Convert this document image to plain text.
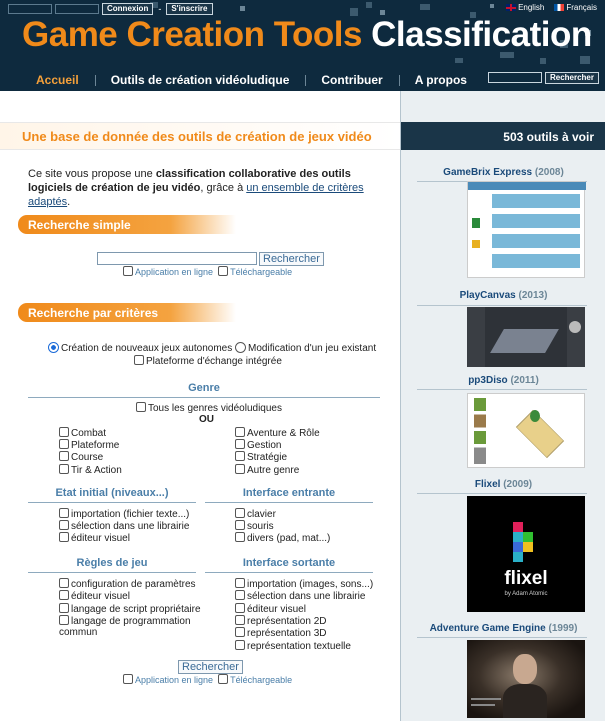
Connexion	-	S'inscrire	English	Français
Game Creation Tools Classification
Accueil	Outils de création vidéoludique	Contribuer	A propos	Rechercher
Une base de donnée des outils de création de jeux vidéo
Ce site vous propose une classification collaborative des outils logiciels de création de jeu vidéo, grâce à un ensemble de critères adaptés.
Recherche simple
Rechercher
Application en ligne Téléchargeable
Recherche par critères
Création de nouveaux jeux autonomes Modification d'un jeu existant
Plateforme d'échange intégrée
Genre
Tous les genres vidéoludiques
OU
Combat
Plateforme
Course
Tir & Action
Aventure & Rôle
Gestion
Stratégie
Autre genre
Etat initial (niveaux...)	Interface entrante
importation (fichier texte...)
sélection dans une librairie
éditeur visuel
clavier
souris
divers (pad, mat...)
Règles de jeu	Interface sortante
configuration de paramètres
éditeur visuel
langage de script propriétaire
langage de programmation
commun
importation (images, sons...)
sélection dans une librairie
éditeur visuel
représentation 2D
représentation 3D
représentation textuelle
Rechercher
Application en ligne Téléchargeable
503 outils à voir
GameBrix Express (2008)
PlayCanvas (2013)
pp3Diso (2011)
Flixel (2009)
flixel
by Adam Atomic
Adventure Game Engine (1999)
